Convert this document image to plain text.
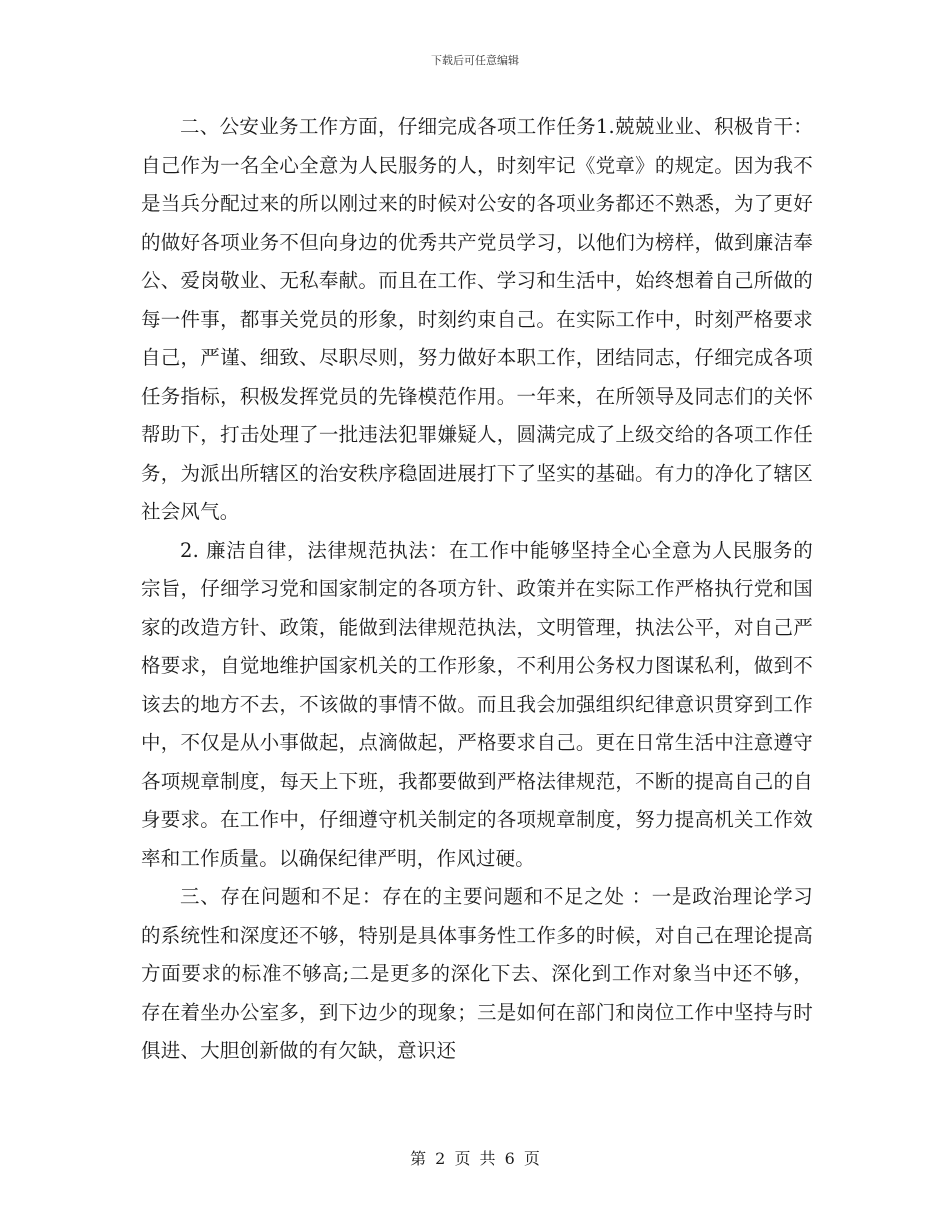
下载后可任意编辑

二、公安业务工作方面，仔细完成各项工作任务1.兢兢业业、积极肯干：自己作为一名全心全意为人民服务的人，时刻牢记《党章》的规定。因为我不是当兵分配过来的所以刚过来的时候对公安的各项业务都还不熟悉，为了更好的做好各项业务不但向身边的优秀共产党员学习，以他们为榜样，做到廉洁奉公、爱岗敬业、无私奉献。而且在工作、学习和生活中，始终想着自己所做的每一件事，都事关党员的形象，时刻约束自己。在实际工作中，时刻严格要求自己，严谨、细致、尽职尽则，努力做好本职工作，团结同志，仔细完成各项任务指标，积极发挥党员的先锋模范作用。一年来，在所领导及同志们的关怀帮助下，打击处理了一批违法犯罪嫌疑人，圆满完成了上级交给的各项工作任务，为派出所辖区的治安秩序稳固进展打下了坚实的基础。有力的净化了辖区社会风气。

2. 廉洁自律，法律规范执法：在工作中能够坚持全心全意为人民服务的宗旨，仔细学习党和国家制定的各项方针、政策并在实际工作严格执行党和国家的改造方针、政策，能做到法律规范执法，文明管理，执法公平，对自己严格要求，自觉地维护国家机关的工作形象，不利用公务权力图谋私利，做到不该去的地方不去，不该做的事情不做。而且我会加强组织纪律意识贯穿到工作中，不仅是从小事做起，点滴做起，严格要求自己。更在日常生活中注意遵守各项规章制度，每天上下班，我都要做到严格法律规范，不断的提高自己的自身要求。在工作中，仔细遵守机关制定的各项规章制度，努力提高机关工作效率和工作质量。以确保纪律严明，作风过硬。

三、存在问题和不足：存在的主要问题和不足之处 ：一是政治理论学习的系统性和深度还不够，特别是具体事务性工作多的时候，对自己在理论提高方面要求的标准不够高;二是更多的深化下去、深化到工作对象当中还不够，存在着坐办公室多，到下边少的现象；三是如何在部门和岗位工作中坚持与时俱进、大胆创新做的有欠缺，意识还

第 2 页 共 6 页
